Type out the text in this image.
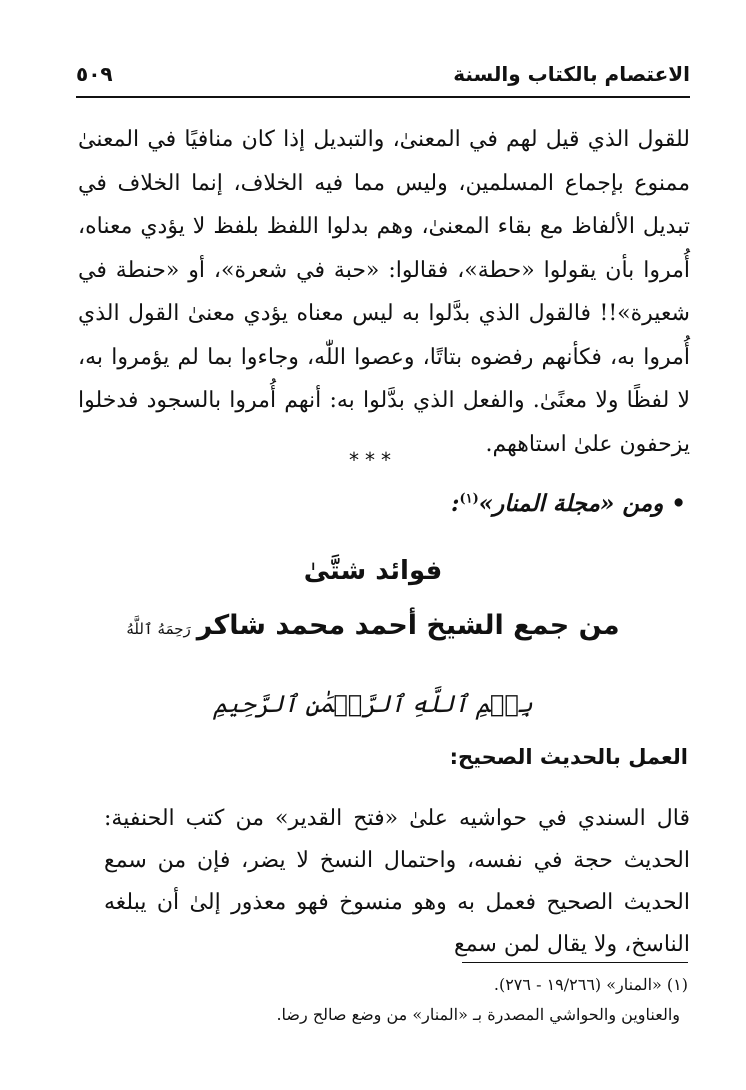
الاعتصام بالكتاب والسنة
٥٠٩

للقول الذي قيل لهم في المعنىٰ، والتبديل إذا كان منافيًا في المعنىٰ ممنوع بإجماع المسلمين، وليس مما فيه الخلاف، إنما الخلاف في تبديل الألفاظ مع بقاء المعنىٰ، وهم بدلوا اللفظ بلفظ لا يؤدي معناه، أُمروا بأن يقولوا «حطة»، فقالوا: «حبة في شعرة»، أو «حنطة في شعيرة»!! فالقول الذي بدَّلوا به ليس معناه يؤدي معنىٰ القول الذي أُمروا به، فكأنهم رفضوه بتاتًا، وعصوا اللّٰه، وجاءوا بما لم يؤمروا به، لا لفظًا ولا معنًىٰ. والفعل الذي بدَّلوا به: أنهم أُمروا بالسجود فدخلوا يزحفون علىٰ استاههم.

***
•ومن «مجلة المنار»$^{(١)}$:
فوائد شتَّىٰ
من جمع الشيخ أحمد محمد شاكررَحِمَهُ ٱللَّهُ
بِسۡمِ ٱللَّهِ ٱلرَّحۡمَٰنِ ٱلرَّحِيمِ
العمل بالحديث الصحيح:

قال السندي في حواشيه علىٰ «فتح القدير» من كتب الحنفية: الحديث حجة في نفسه، واحتمال النسخ لا يضر، فإن من سمع الحديث الصحيح فعمل به وهو منسوخ فهو معذور إلىٰ أن يبلغه الناسخ، ولا يقال لمن سمع

(١) «المنار» (١٩/٢٦٦ - ٢٧٦).
والعناوين والحواشي المصدرة بـ «المنار» من وضع صالح رضا.
